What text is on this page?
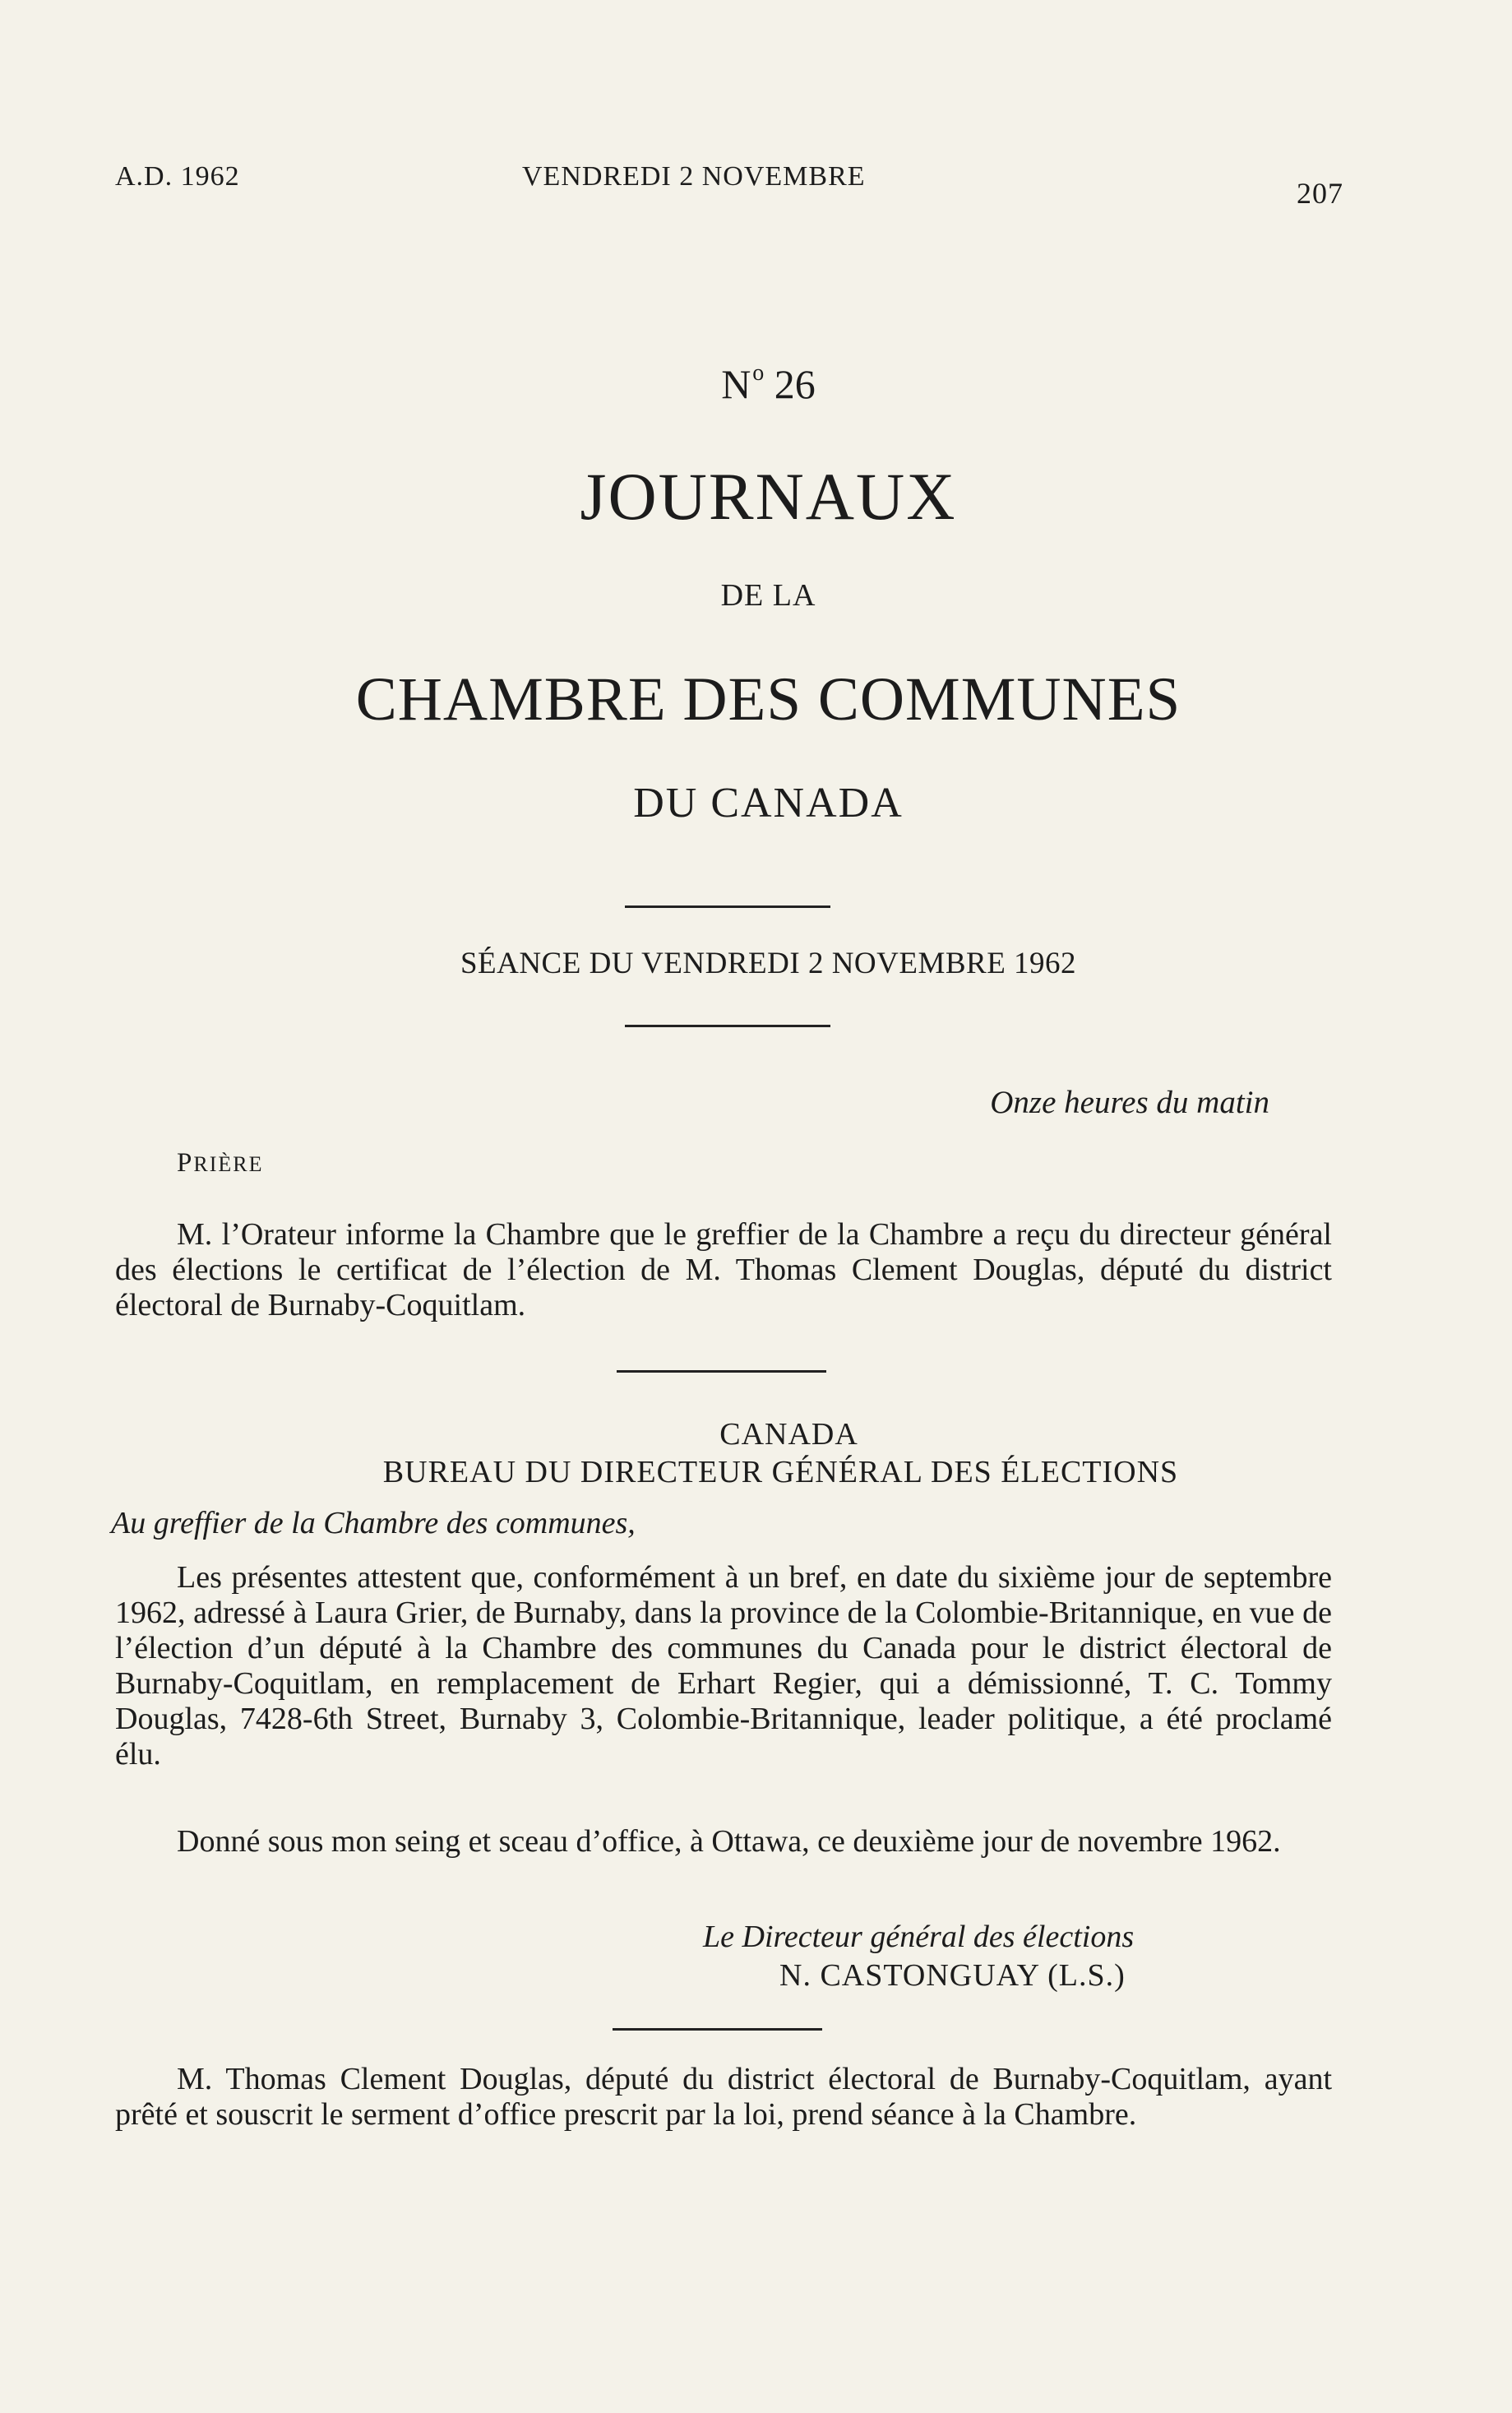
A.D. 1962	VENDREDI 2 NOVEMBRE
207
$N^o$ 26
JOURNAUX
DE LA
CHAMBRE DES COMMUNES
DU CANADA
SÉANCE DU VENDREDI 2 NOVEMBRE 1962
Onze heures du matin
PRIÈRE
M. l’Orateur informe la Chambre que le greffier de la Chambre a reçu du directeur général des élections le certificat de l’élection de M. Thomas Clement Douglas, député du district électoral de Burnaby-Coquitlam.
CANADA
BUREAU DU DIRECTEUR GÉNÉRAL DES ÉLECTIONS
Au greffier de la Chambre des communes,
Les présentes attestent que, conformément à un bref, en date du sixième jour de septembre 1962, adressé à Laura Grier, de Burnaby, dans la province de la Colombie-Britannique, en vue de l’élection d’un député à la Chambre des communes du Canada pour le district électoral de Burnaby-Coquitlam, en remplacement de Erhart Regier, qui a démissionné, T. C. Tommy Douglas, 7428-6th Street, Burnaby 3, Colombie-Britannique, leader politique, a été proclamé élu.
Donné sous mon seing et sceau d’office, à Ottawa, ce deuxième jour de novembre 1962.
Le Directeur général des élections
N. CASTONGUAY (L.S.)
M. Thomas Clement Douglas, député du district électoral de Burnaby-Coquitlam, ayant prêté et souscrit le serment d’office prescrit par la loi, prend séance à la Chambre.
